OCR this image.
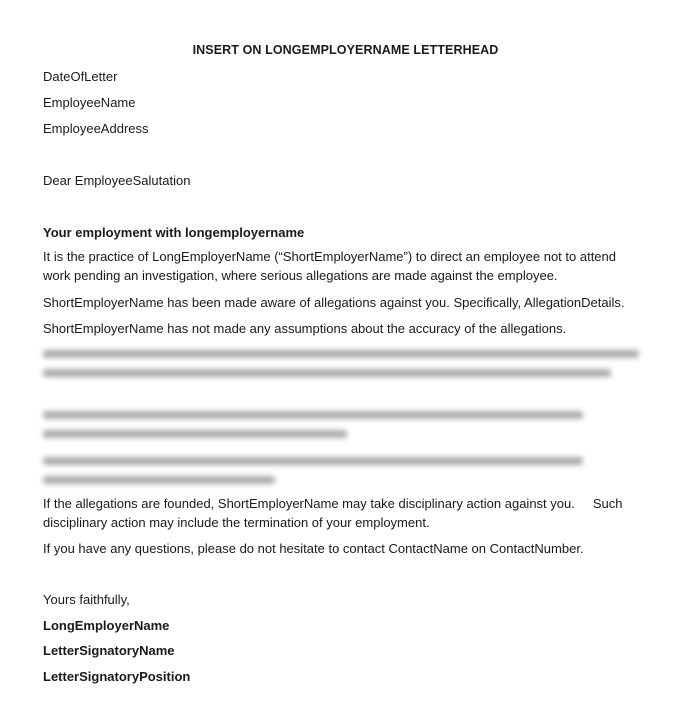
INSERT ON LONGEMPLOYERNAME LETTERHEAD
DateOfLetter
EmployeeName
EmployeeAddress
Dear EmployeeSalutation
Your employment with longemployername
It is the practice of LongEmployerName (“ShortEmployerName”) to direct an employee not to attend
work pending an investigation, where serious allegations are made against the employee.
ShortEmployerName has been made aware of allegations against you. Specifically, AllegationDetails.
ShortEmployerName has not made any assumptions about the accuracy of the allegations.
If the allegations are founded, ShortEmployerName may take disciplinary action against you. Such
disciplinary action may include the termination of your employment.
If you have any questions, please do not hesitate to contact ContactName on ContactNumber.
Yours faithfully,
LongEmployerName
LetterSignatoryName
LetterSignatoryPosition
